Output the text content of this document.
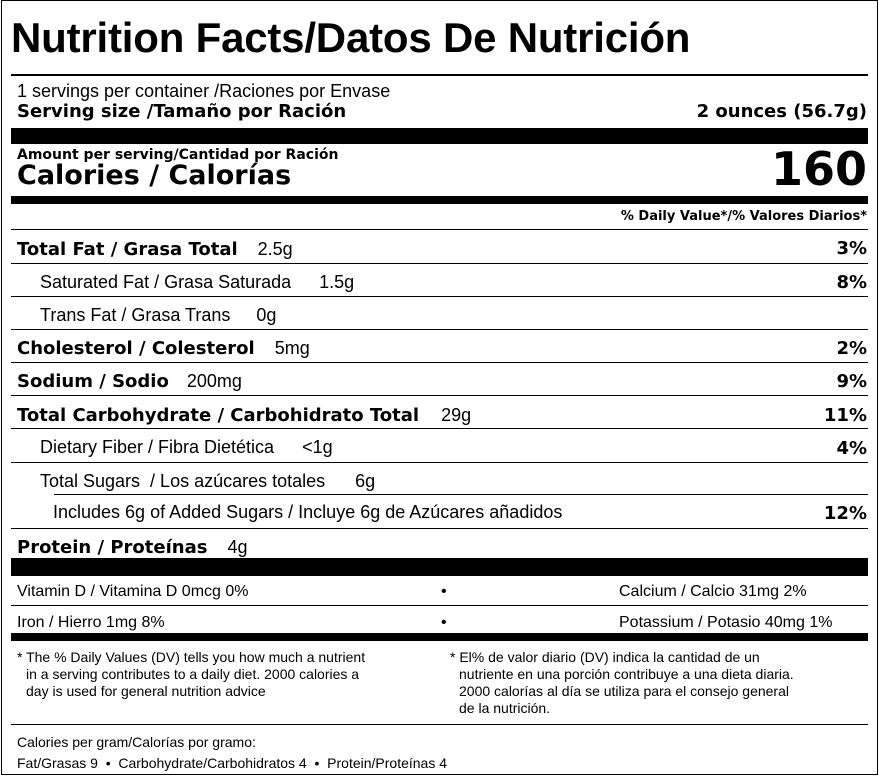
Nutrition Facts/Datos De Nutrición
1 servings per container /Raciones por Envase
Serving size /Tamaño por Ración	2 ounces (56.7g)
Amount per serving/Cantidad por Ración
Calories / Calorías	160
% Daily Value*/% Valores Diarios*
Total Fat / Grasa Total 2.5g	3%
Saturated Fat / Grasa Saturada 1.5g	8%
Trans Fat / Grasa Trans 0g
Cholesterol / Colesterol 5mg	2%
Sodium / Sodio 200mg	9%
Total Carbohydrate / Carbohidrato Total 29g	11%
Dietary Fiber / Fibra Dietética <1g	4%
Total Sugars  / Los azúcares totales 6g
Includes 6g of Added Sugars / Incluye 6g de Azúcares añadidos	12%
Protein / Proteínas 4g
Vitamin D / Vitamina D 0mcg 0%	•	Calcium / Calcio 31mg 2%
Iron / Hierro 1mg 8%	•	Potassium / Potasio 40mg 1%
* The % Daily Values (DV) tells you how much a nutrient
in a serving contributes to a daily diet. 2000 calories a
day is used for general nutrition advice
* El% de valor diario (DV) indica la cantidad de un
nutriente en una porción contribuye a una dieta diaria.
2000 calorías al día se utiliza para el consejo general
de la nutrición.
Calories per gram/Calorías por gramo:
Fat/Grasas 9  •  Carbohydrate/Carbohidratos 4  •  Protein/Proteínas 4
